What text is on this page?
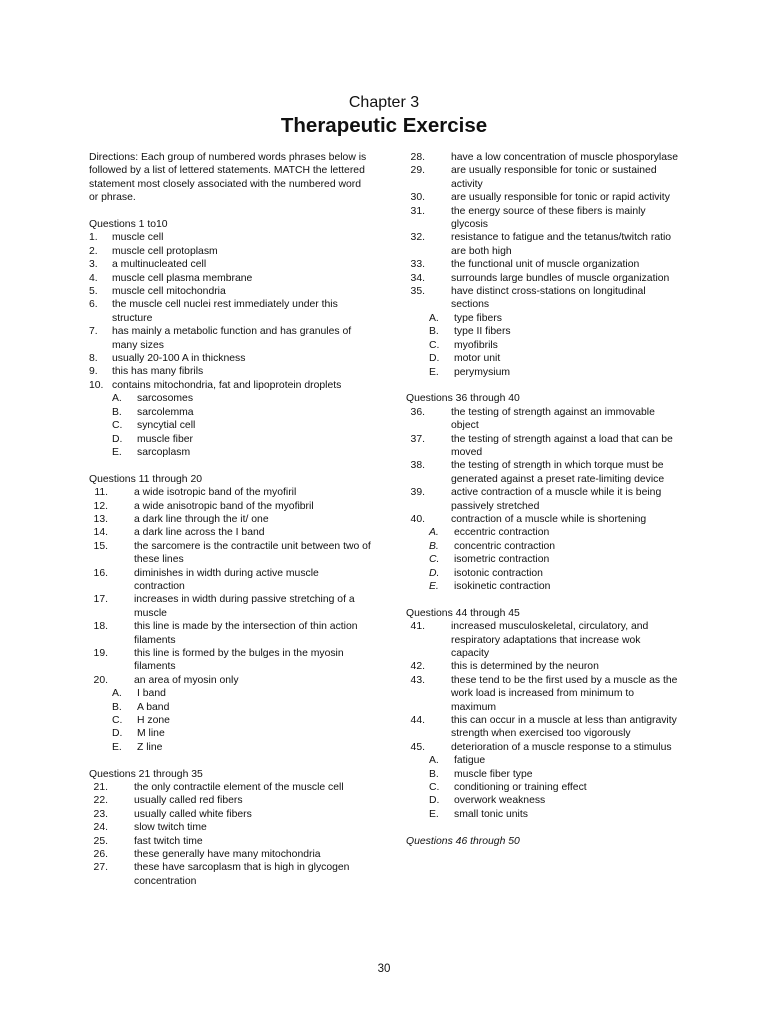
Chapter 3
Therapeutic Exercise

Directions: Each group of numbered words phrases below is followed by a list of lettered statements. MATCH the lettered statement most closely associated with the numbered word or phrase.

Questions 1 to10
1.	muscle cell
2.	muscle cell protoplasm
3.	a multinucleated cell
4.	muscle cell plasma membrane
5.	muscle cell mitochondria
6.	the muscle cell nuclei rest immediately under this structure
7.	has mainly a metabolic function and has granules of many sizes
8.	usually 20-100 A in thickness
9.	this has many fibrils
10. contains mitochondria, fat and lipoprotein droplets
A. sarcosomes
B. sarcolemma
C. syncytial cell
D. muscle fiber
E. sarcoplasm
Questions 11 through 20
11.	a wide isotropic band of the myofiril
12.	a wide anisotropic band of the myofibril
13.	a dark line through the it/ one
14.	a dark line across the I band
15.	the sarcomere is the contractile unit between two of these lines
16.	diminishes in width during active muscle contraction
17.	increases in width during passive stretching of a muscle
18.	this line is made by the intersection of thin action filaments
19.	this line is formed by the bulges in the myosin filaments
20.	an area of myosin only
A. I band
B. A band
C. H zone
D. M line
E. Z line
Questions 21 through 35
21.	the only contractile element of the muscle cell
22.	usually called red fibers
23.	usually called white fibers
24.	slow twitch time
25.	fast twitch time
26.	these generally have many mitochondria
27.	these have sarcoplasm that is high in glycogen concentration
28.	have a low concentration of muscle phosporylase
29.	are usually responsible for tonic or sustained activity
30.	are usually responsible for tonic or rapid activity
31.	the energy source of these fibers is mainly glycosis
32.	resistance to fatigue and the tetanus/twitch ratio are both high
33.	the functional unit of muscle organization
34.	surrounds large bundles of muscle organization
35.	have distinct cross-stations on longitudinal sections
A. type fibers
B. type II fibers
C. myofibrils
D. motor unit
E. perymysium
Questions 36 through 40
36.	the testing of strength against an immovable object
37.	the testing of strength against a load that can be moved
38.	the testing of strength in which torque must be generated against a preset rate-limiting device
39.	active contraction of a muscle while it is being passively stretched
40.	contraction of a muscle while is shortening
A. eccentric contraction
B. concentric contraction
C. isometric contraction
D. isotonic contraction
E. isokinetic contraction
Questions 44 through 45
41.	increased musculoskeletal, circulatory, and respiratory adaptations that increase wok capacity
42.	this is determined by the neuron
43.	these tend to be the first used by a muscle as the work load is increased from minimum to maximum
44.	this can occur in a muscle at less than antigravity strength when exercised too vigorously
45.	deterioration of a muscle response to a stimulus
A. fatigue
B. muscle fiber type
C. conditioning or training effect
D. overwork weakness
E. small tonic units
Questions 46 through 50
30
